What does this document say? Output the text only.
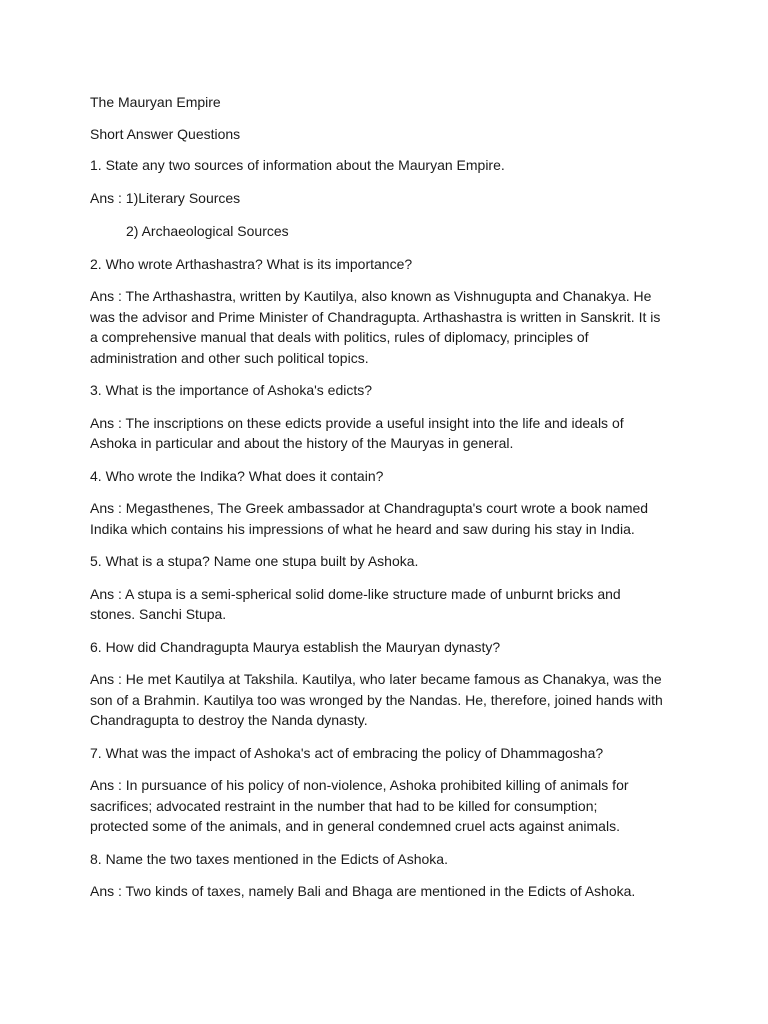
The Mauryan Empire

Short Answer Questions

1. State any two sources of information about the Mauryan Empire.

Ans : 1)Literary Sources

2) Archaeological Sources

2. Who wrote Arthashastra? What is its importance?

Ans : The Arthashastra, written by Kautilya, also known as Vishnugupta and Chanakya. He

was the advisor and Prime Minister of Chandragupta. Arthashastra is written in Sanskrit. It is

a comprehensive manual that deals with politics, rules of diplomacy, principles of

administration and other such political topics.

3. What is the importance of Ashoka's edicts?

Ans : The inscriptions on these edicts provide a useful insight into the life and ideals of

Ashoka in particular and about the history of the Mauryas in general.

4. Who wrote the Indika? What does it contain?

Ans : Megasthenes, The Greek ambassador at Chandragupta's court wrote a book named

Indika which contains his impressions of what he heard and saw during his stay in India.

5. What is a stupa? Name one stupa built by Ashoka.

Ans : A stupa is a semi-spherical solid dome-like structure made of unburnt bricks and

stones. Sanchi Stupa.

6. How did Chandragupta Maurya establish the Mauryan dynasty?

Ans : He met Kautilya at Takshila. Kautilya, who later became famous as Chanakya, was the

son of a Brahmin. Kautilya too was wronged by the Nandas. He, therefore, joined hands with

Chandragupta to destroy the Nanda dynasty.

7. What was the impact of Ashoka's act of embracing the policy of Dhammagosha?

Ans : In pursuance of his policy of non-violence, Ashoka prohibited killing of animals for

sacrifices; advocated restraint in the number that had to be killed for consumption;

protected some of the animals, and in general condemned cruel acts against animals.

8. Name the two taxes mentioned in the Edicts of Ashoka.

Ans : Two kinds of taxes, namely Bali and Bhaga are mentioned in the Edicts of Ashoka.
